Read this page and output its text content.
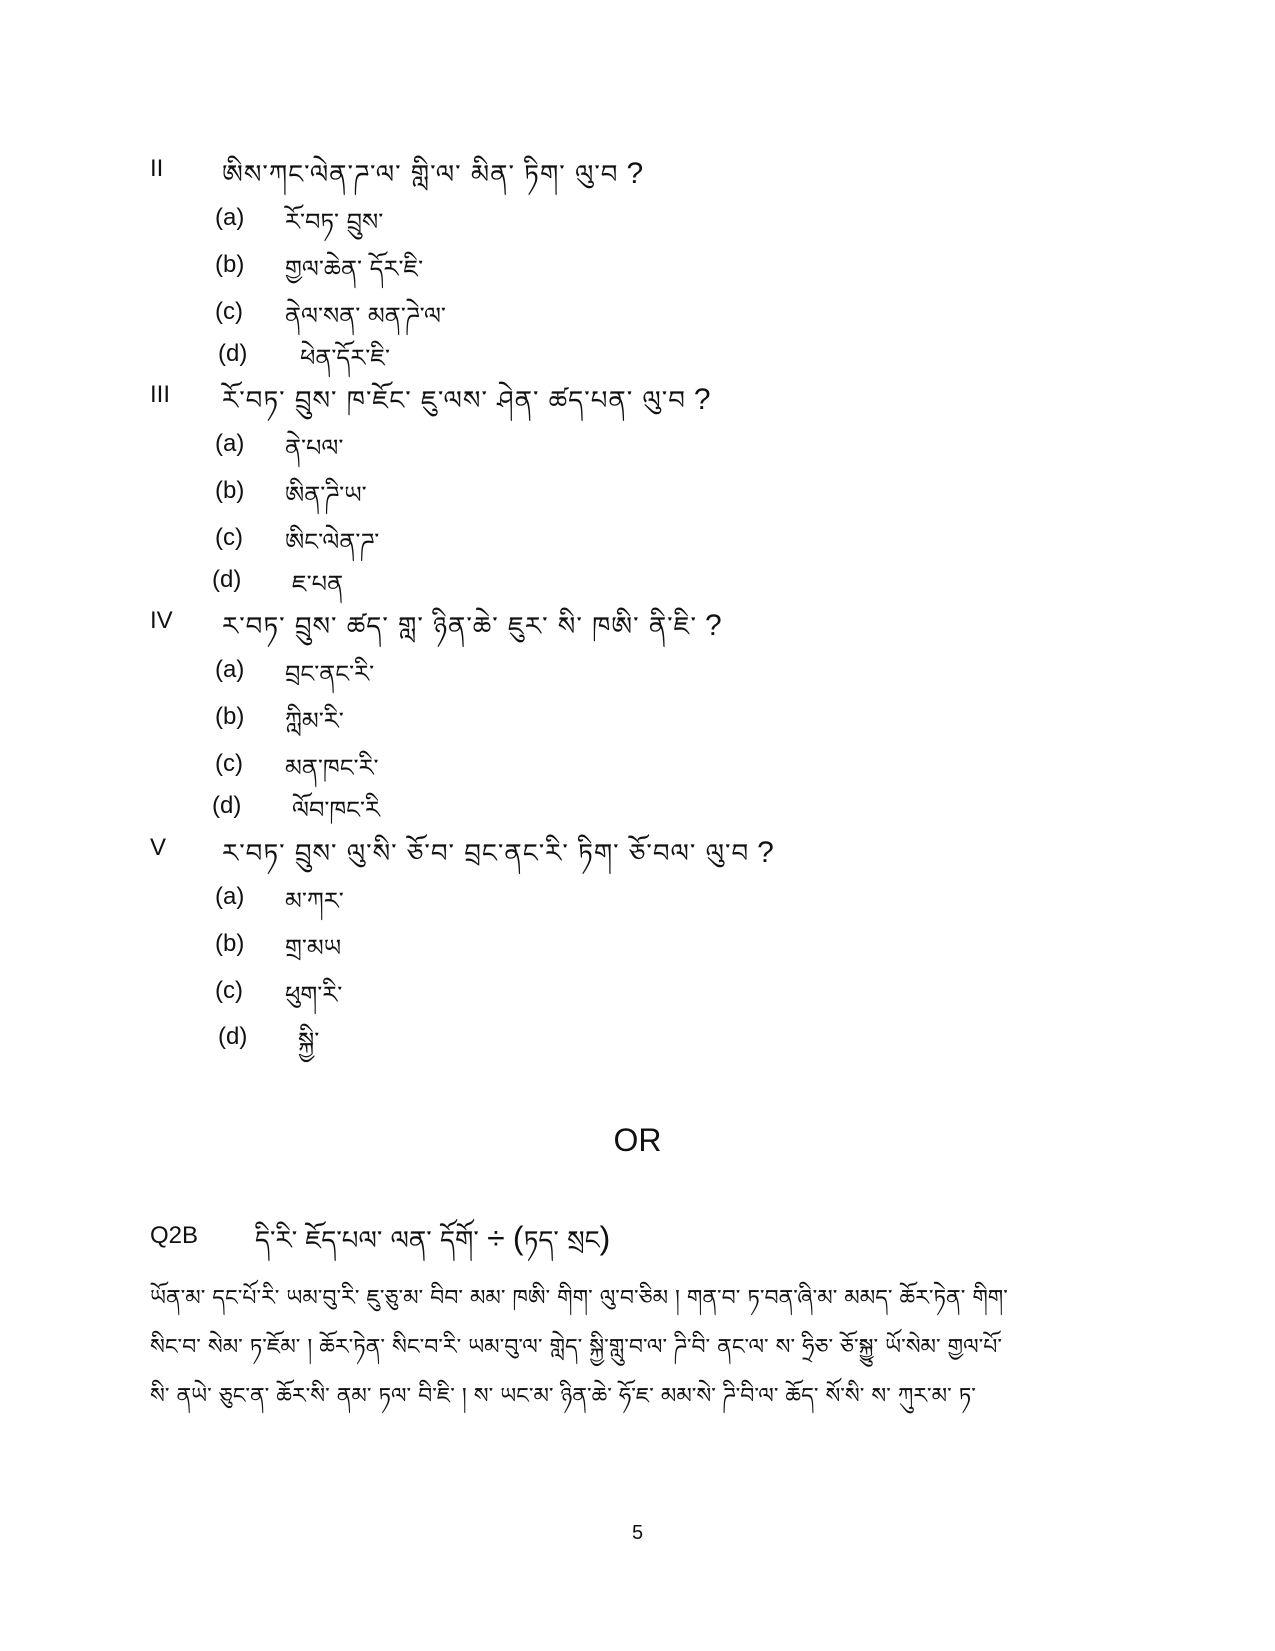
II ཨིས་ཀང་ལེན་ཌ་ལ་ གླི་ལ་ མིན་ ཏིག་ ལུ་བ ?
(a) རོ་བཏ་ བྲུས་
(b) གྱལ་ཆེན་ དོར་ཇི་
(c) ནེལ་སན་ མན་ཌེ་ལ་
(d) ཕེན་དོར་ཇི་
III རོ་བཏ་ བྲུས་ ཁ་ཇོང་ ཇུ་ལས་ ཤེན་ ཚད་པན་ ལུ་བ ?
(a) ནེ་པལ་
(b) ཨིན་ཌི་ཡ་
(c) ཨིང་ལེན་ཌ་
(d) ཇ་པན
IV ར་བཏ་ བྲུས་ ཚད་ གླ་ ཉིན་ཆེ་ ཇུར་ སི་ ཁཨི་ ནི་ཇི་ ?
(a) བྲང་ནང་རི་
(b) ཀླིམ་རི་
(c) མན་ཁང་རི་
(d) ལོབ་ཁང་རི
V ར་བཏ་ བྲུས་ ལུ་སི་ ཅོ་བ་ བྲང་ནང་རི་ ཏིག་ ཅོ་བལ་ ལུ་བ ?
(a) མ་ཀར་
(b) གྲ་མཡ
(c) ཕུག་རི་
(d) སྐྱི་
OR
Q2B དི་རི་ ཇོད་པལ་ ལན་ དོགོ་ ÷ (ཏད་ སྲང)
ཡོན་མ་ དང་པོ་རི་ ཡམ་བུ་རི་ ཇུ་ཅུ་མ་ བིབ་ མམ་ ཁཨི་ གིག་ ལུ་བ་ཅིམ ། གན་བ་ ཏ་བན་ཞི་མ་ མམད་ ཆོར་ཏེན་ གིག་
སིང་བ་ སེམ་ ཏ་ཇོམ་ ། ཆོར་ཏེན་ སིང་བ་རི་ ཡམ་བུ་ལ་ གླེད་ སྐྱི་གླུ་བ་ལ་ ཌི་བི་ ནང་ལ་ ས་ ཧྲིཅ་ ཅོ་སྐྱུ་ ཡོ་སེམ་ གྱལ་པོ་
སི་ ནཡེ་ ཅུང་ན་ ཆོར་སི་ ནམ་ ཏལ་ བི་ཇི་ ། ས་ ཡང་མ་ ཉིན་ཆེ་ ཧོ་ཇ་ མམ་སེ་ ཌི་བི་ལ་ ཆོད་ སོ་སི་ ས་ ཀུར་མ་ ཏ་
5
